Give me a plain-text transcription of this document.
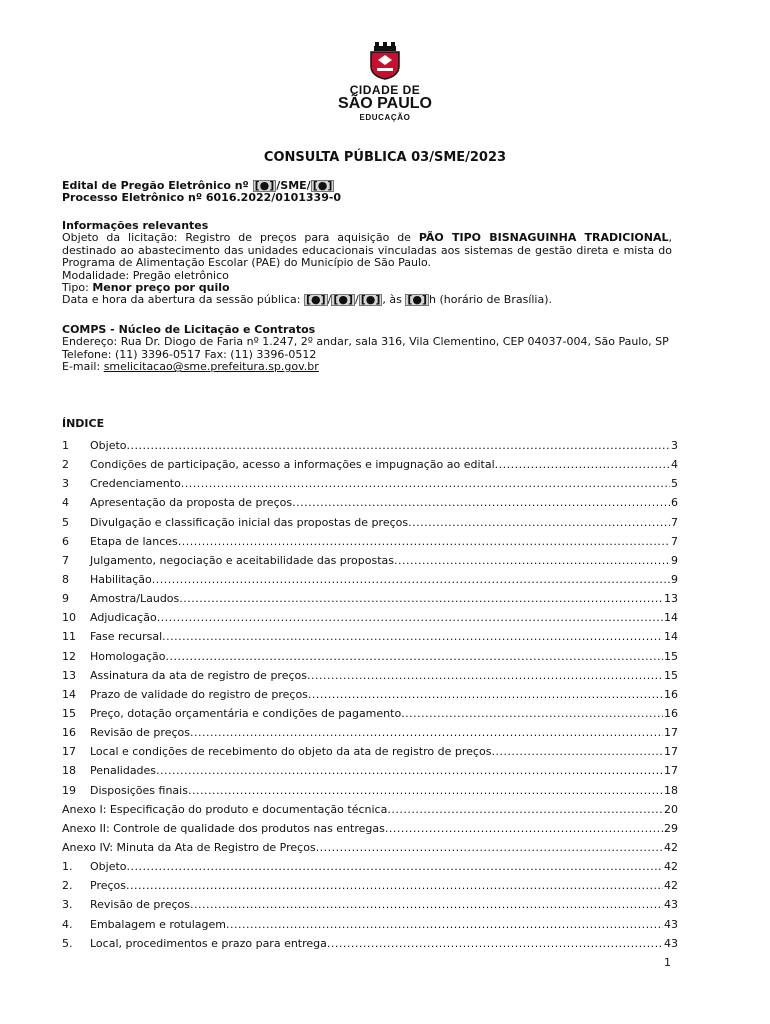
CIDADE DE
SÃO PAULO
EDUCAÇÃO
CONSULTA PÚBLICA 03/SME/2023
Edital de Pregão Eletrônico nº [●] /SME/ [●]
Processo Eletrônico nº 6016.2022/0101339-0
Informações relevantes
Objeto da licitação: Registro de preços para aquisição de PÃO TIPO BISNAGUINHA TRADICIONAL, destinado ao abastecimento das unidades educacionais vinculadas aos sistemas de gestão direta e mista do Programa de Alimentação Escolar (PAE) do Município de São Paulo.
Modalidade: Pregão eletrônico
Tipo: Menor preço por quilo
Data e hora da abertura da sessão pública: [●] / [●] / [●] , às [●] h (horário de Brasília).
COMPS - Núcleo de Licitação e Contratos
Endereço: Rua Dr. Diogo de Faria nº 1.247, 2º andar, sala 316, Vila Clementino, CEP 04037-004, São Paulo, SP
Telefone: (11) 3396-0517 Fax: (11) 3396-0512
E-mail: smelicitacao@sme.prefeitura.sp.gov.br
ÍNDICE
1	Objeto .....	3
2	Condições de participação, acesso a informações e impugnação ao edital .....	4
3	Credenciamento .....	5
4	Apresentação da proposta de preços .....	6
5	Divulgação e classificação inicial das propostas de preços .....	7
6	Etapa de lances .....	7
7	Julgamento, negociação e aceitabilidade das propostas .....	9
8	Habilitação .....	9
9	Amostra/Laudos .....	13
10	Adjudicação .....	14
11	Fase recursal .....	14
12	Homologação .....	15
13	Assinatura da ata de registro de preços .....	15
14	Prazo de validade do registro de preços .....	16
15	Preço, dotação orçamentária e condições de pagamento .....	16
16	Revisão de preços .....	17
17	Local e condições de recebimento do objeto da ata de registro de preços .....	17
18	Penalidades .....	17
19	Disposições finais .....	18
Anexo I: Especificação do produto e documentação técnica .....	20
Anexo II: Controle de qualidade dos produtos nas entregas .....	29
Anexo IV: Minuta da Ata de Registro de Preços .....	42
1.	Objeto .....	42
2.	Preços .....	42
3.	Revisão de preços .....	43
4.	Embalagem e rotulagem .....	43
5.	Local, procedimentos e prazo para entrega .....	43
1
